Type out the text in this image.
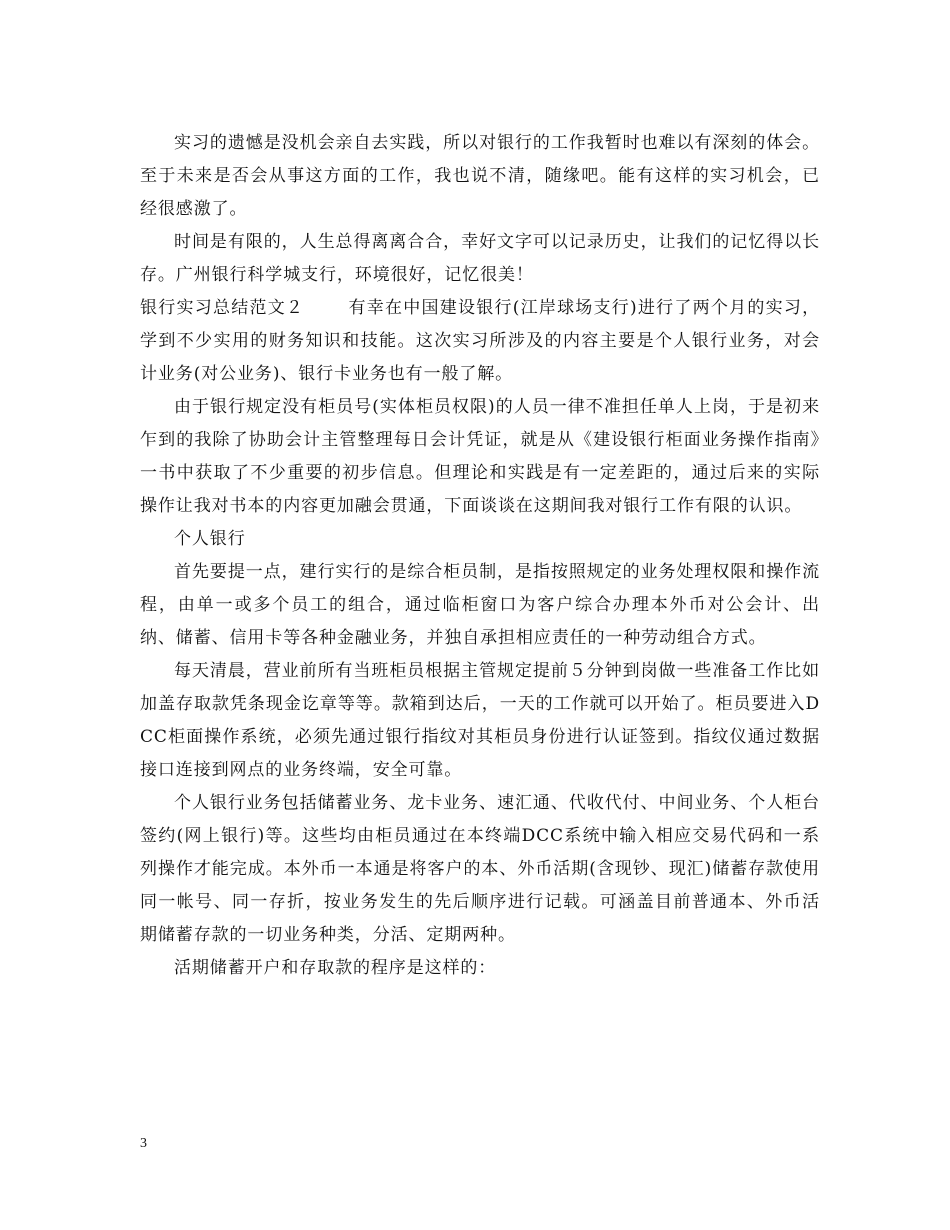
实习的遗憾是没机会亲自去实践，所以对银行的工作我暂时也难以有深刻的体会。至于未来是否会从事这方面的工作，我也说不清，随缘吧。能有这样的实习机会，已经很感激了。

时间是有限的，人生总得离离合合，幸好文字可以记录历史，让我们的记忆得以长存。广州银行科学城支行，环境很好，记忆很美！

银行实习总结范文２	有幸在中国建设银行(江岸球场支行)进行了两个月的实习，学到不少实用的财务知识和技能。这次实习所涉及的内容主要是个人银行业务，对会计业务(对公业务)、银行卡业务也有一般了解。

由于银行规定没有柜员号(实体柜员权限)的人员一律不准担任单人上岗，于是初来乍到的我除了协助会计主管整理每日会计凭证，就是从《建设银行柜面业务操作指南》一书中获取了不少重要的初步信息。但理论和实践是有一定差距的，通过后来的实际操作让我对书本的内容更加融会贯通，下面谈谈在这期间我对银行工作有限的认识。

个人银行

首先要提一点，建行实行的是综合柜员制，是指按照规定的业务处理权限和操作流程，由单一或多个员工的组合，通过临柜窗口为客户综合办理本外币对公会计、出纳、储蓄、信用卡等各种金融业务，并独自承担相应责任的一种劳动组合方式。

每天清晨，营业前所有当班柜员根据主管规定提前５分钟到岗做一些准备工作比如加盖存取款凭条现金讫章等等。款箱到达后，一天的工作就可以开始了。柜员要进入DCC柜面操作系统，必须先通过银行指纹对其柜员身份进行认证签到。指纹仪通过数据接口连接到网点的业务终端，安全可靠。

个人银行业务包括储蓄业务、龙卡业务、速汇通、代收代付、中间业务、个人柜台签约(网上银行)等。这些均由柜员通过在本终端DCC系统中输入相应交易代码和一系列操作才能完成。本外币一本通是将客户的本、外币活期(含现钞、现汇)储蓄存款使用同一帐号、同一存折，按业务发生的先后顺序进行记载。可涵盖目前普通本、外币活期储蓄存款的一切业务种类，分活、定期两种。

活期储蓄开户和存取款的程序是这样的：

3
